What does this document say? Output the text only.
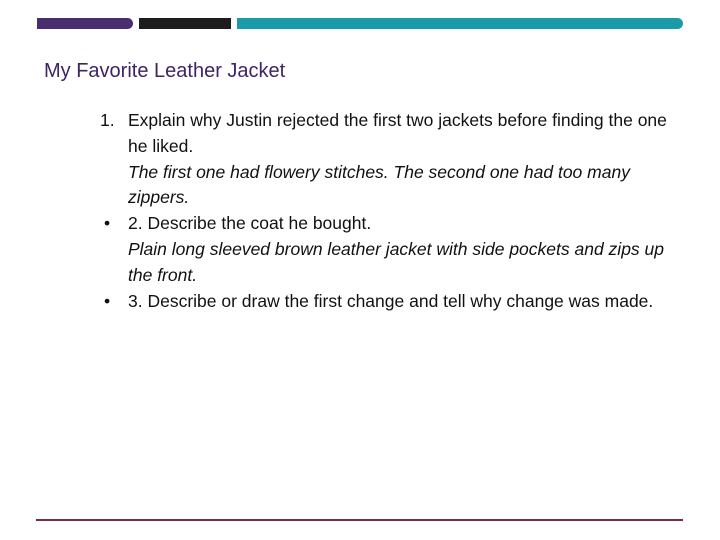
My Favorite Leather Jacket
1. Explain why Justin rejected the first two jackets before finding the one he liked.
The first one had flowery stitches. The second one had too many zippers.
•	2. Describe the coat he bought.
Plain long sleeved brown leather jacket with side pockets and zips up the front.
•	3. Describe or draw the first change and tell why change was made.
